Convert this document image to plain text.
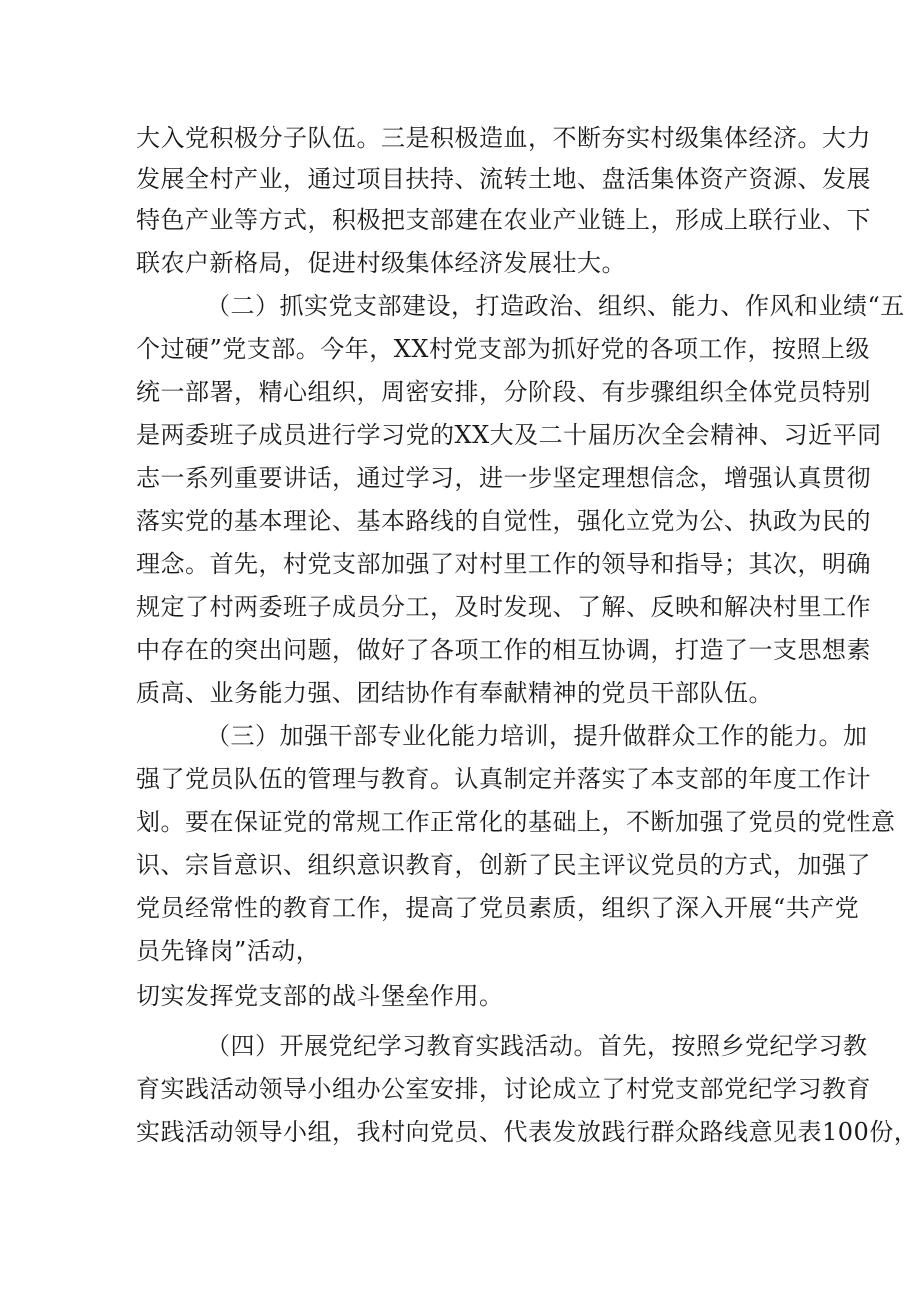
大入党积极分子队伍。三是积极造血，不断夯实村级集体经济。大力
发展全村产业，通过项目扶持、流转土地、盘活集体资产资源、发展
特色产业等方式，积极把支部建在农业产业链上，形成上联行业、下
联农户新格局，促进村级集体经济发展壮大。
（二）抓实党支部建设，打造政治、组织、能力、作风和业绩“五
个过硬”党支部。今年，XX村党支部为抓好党的各项工作，按照上级
统一部署，精心组织，周密安排，分阶段、有步骤组织全体党员特别
是两委班子成员进行学习党的XX大及二十届历次全会精神、习近平同
志一系列重要讲话，通过学习，进一步坚定理想信念，增强认真贯彻
落实党的基本理论、基本路线的自觉性，强化立党为公、执政为民的
理念。首先，村党支部加强了对村里工作的领导和指导；其次，明确
规定了村两委班子成员分工，及时发现、了解、反映和解决村里工作
中存在的突出问题，做好了各项工作的相互协调，打造了一支思想素
质高、业务能力强、团结协作有奉献精神的党员干部队伍。
（三）加强干部专业化能力培训，提升做群众工作的能力。加
强了党员队伍的管理与教育。认真制定并落实了本支部的年度工作计
划。要在保证党的常规工作正常化的基础上，不断加强了党员的党性意
识、宗旨意识、组织意识教育，创新了民主评议党员的方式，加强了
党员经常性的教育工作，提高了党员素质，组织了深入开展“共产党
员先锋岗”活动，
切实发挥党支部的战斗堡垒作用。
（四）开展党纪学习教育实践活动。首先，按照乡党纪学习教
育实践活动领导小组办公室安排，讨论成立了村党支部党纪学习教育
实践活动领导小组，我村向党员、代表发放践行群众路线意见表100份，
